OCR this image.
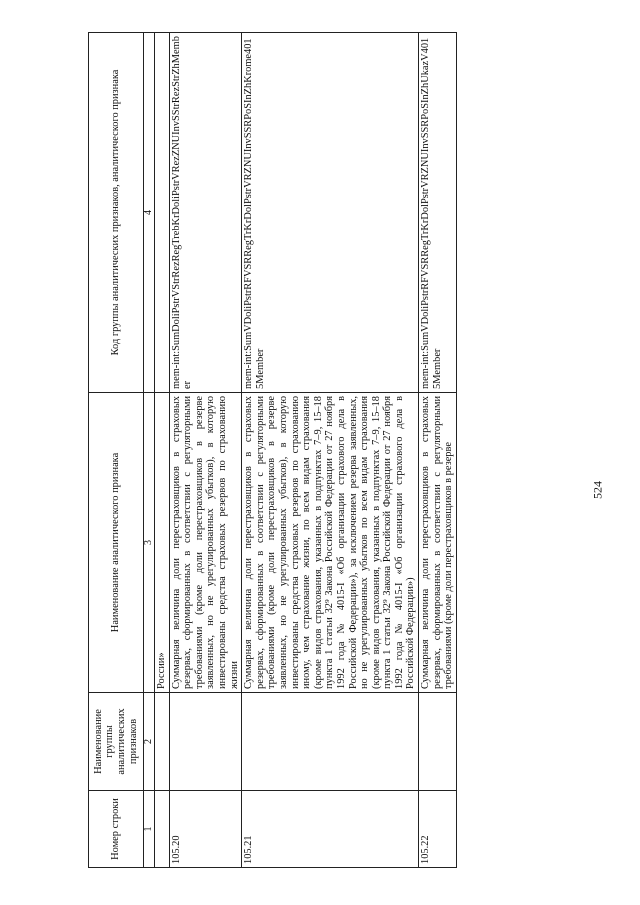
524
Номер строки	Наименование группы аналитических признаков	Наименование аналитического признака	Код группы аналитических признаков, аналитического признака
1	2	3	4
		России»	
105.20		Суммарная величина доли перестраховщиков в страховых резервах, сформированных в соответствии с регуляторными требованиями (кроме доли перестраховщиков в резерве заявленных, но не урегулированных убытков), в которую инвестированы средства страховых резервов по страхованию жизни	mem-int:SumDoliPstrVStrRezRegTrebKrDoliPstrVRezZNUInvSStrRezStrZhMember
105.21		Суммарная величина доли перестраховщиков в страховых резервах, сформированных в соответствии с регуляторными требованиями (кроме доли перестраховщиков в резерве заявленных, но не урегулированных убытков), в которую инвестированы средства страховых резервов по страхованию иному, чем страхование жизни, по всем видам страхования (кроме видов страхования, указанных в подпунктах 7–9, 15–18 пункта 1 статьи 32⁹ Закона Российской Федерации от 27 ноября 1992 года № 4015-I «Об организации страхового дела в Российской Федерации»), за исключением резерва заявленных, но не урегулированных убытков по всем видам страхования (кроме видов страхования, указанных в подпунктах 7–9, 15–18 пункта 1 статьи 32⁹ Закона Российской Федерации от 27 ноября 1992 года № 4015-I «Об организации страхового дела в Российской Федерации»)	mem-int:SumVDoliPstrRFVSRRegTrKrDolPstrVRZNUInvSSRPoSInZhKrome4015Member
105.22		Суммарная величина доли перестраховщиков в страховых резервах, сформированных в соответствии с регуляторными требованиями (кроме доли перестраховщиков в резерве	mem-int:SumVDoliPstrRFVSRRegTrKrDolPstrVRZNUInvSSRPoSInZhUkazV4015Member
